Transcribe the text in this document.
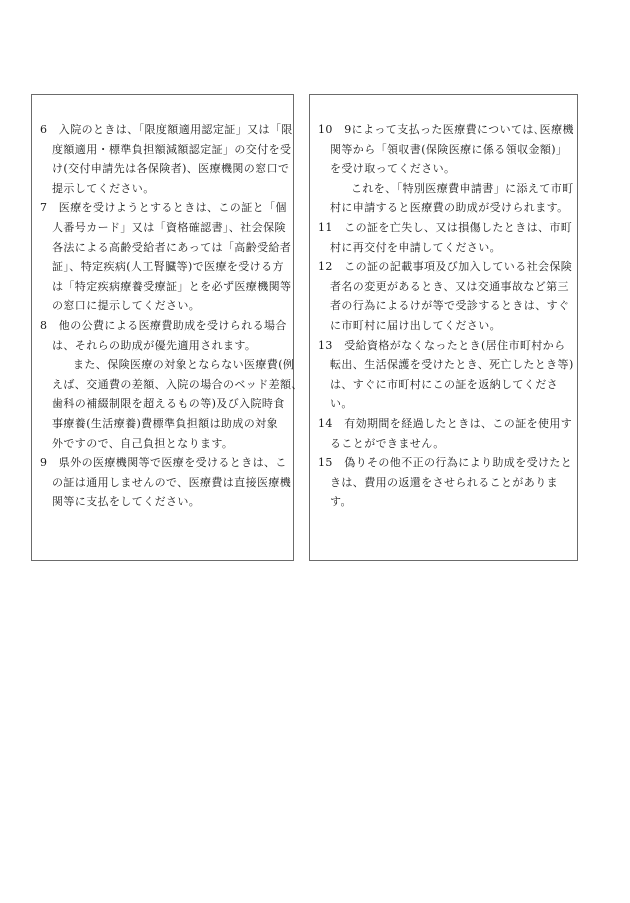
6　入院のときは、「限度額適用認定証」又は「限
度額適用・標準負担額減額認定証」の交付を受
け(交付申請先は各保険者)、医療機関の窓口で
提示してください。
7　医療を受けようとするときは、この証と「個
人番号カード」又は「資格確認書」、社会保険
各法による高齢受給者にあっては「高齢受給者
証」、特定疾病(人工腎臓等)で医療を受ける方
は「特定疾病療養受療証」とを必ず医療機関等
の窓口に提示してください。
8　他の公費による医療費助成を受けられる場合
は、それらの助成が優先適用されます。
また、保険医療の対象とならない医療費(例
えば、交通費の差額、入院の場合のベッド差額、
歯科の補綴制限を超えるもの等)及び入院時食
事療養(生活療養)費標準負担額は助成の対象
外ですので、自己負担となります。
9　県外の医療機関等で医療を受けるときは、こ
の証は通用しませんので、医療費は直接医療機
関等に支払をしてください。
10　9によって支払った医療費については､医療機
関等から「領収書(保険医療に係る領収金額)」
を受け取ってください。
これを、「特別医療費申請書」に添えて市町
村に申請すると医療費の助成が受けられます。
11　この証を亡失し、又は損傷したときは、市町
村に再交付を申請してください。
12　この証の記載事項及び加入している社会保険
者名の変更があるとき、又は交通事故など第三
者の行為によるけが等で受診するときは、すぐ
に市町村に届け出してください。
13　受給資格がなくなったとき(居住市町村から
転出、生活保護を受けたとき、死亡したとき等)
は、すぐに市町村にこの証を返納してくださ
い。
14　有効期間を経過したときは、この証を使用す
ることができません。
15　偽りその他不正の行為により助成を受けたと
きは、費用の返還をさせられることがありま
す。
